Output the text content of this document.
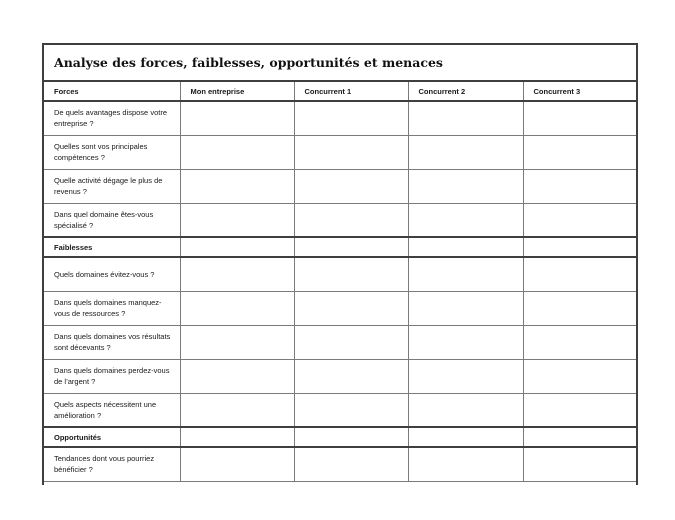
Analyse des forces, faiblesses, opportunités et menaces
Forces	Mon entreprise	Concurrent 1	Concurrent 2	Concurrent 3
De quels avantages dispose votre entreprise ?				
Quelles sont vos principales compétences ?				
Quelle activité dégage le plus de revenus ?				
Dans quel domaine êtes-vous spécialisé ?				
Faiblesses				
Quels domaines évitez-vous ?				
Dans quels domaines manquez-vous de ressources ?				
Dans quels domaines vos résultats sont décevants ?				
Dans quels domaines perdez-vous de l’argent ?				
Quels aspects nécessitent une amélioration ?				
Opportunités				
Tendances dont vous pourriez bénéficier ?				
